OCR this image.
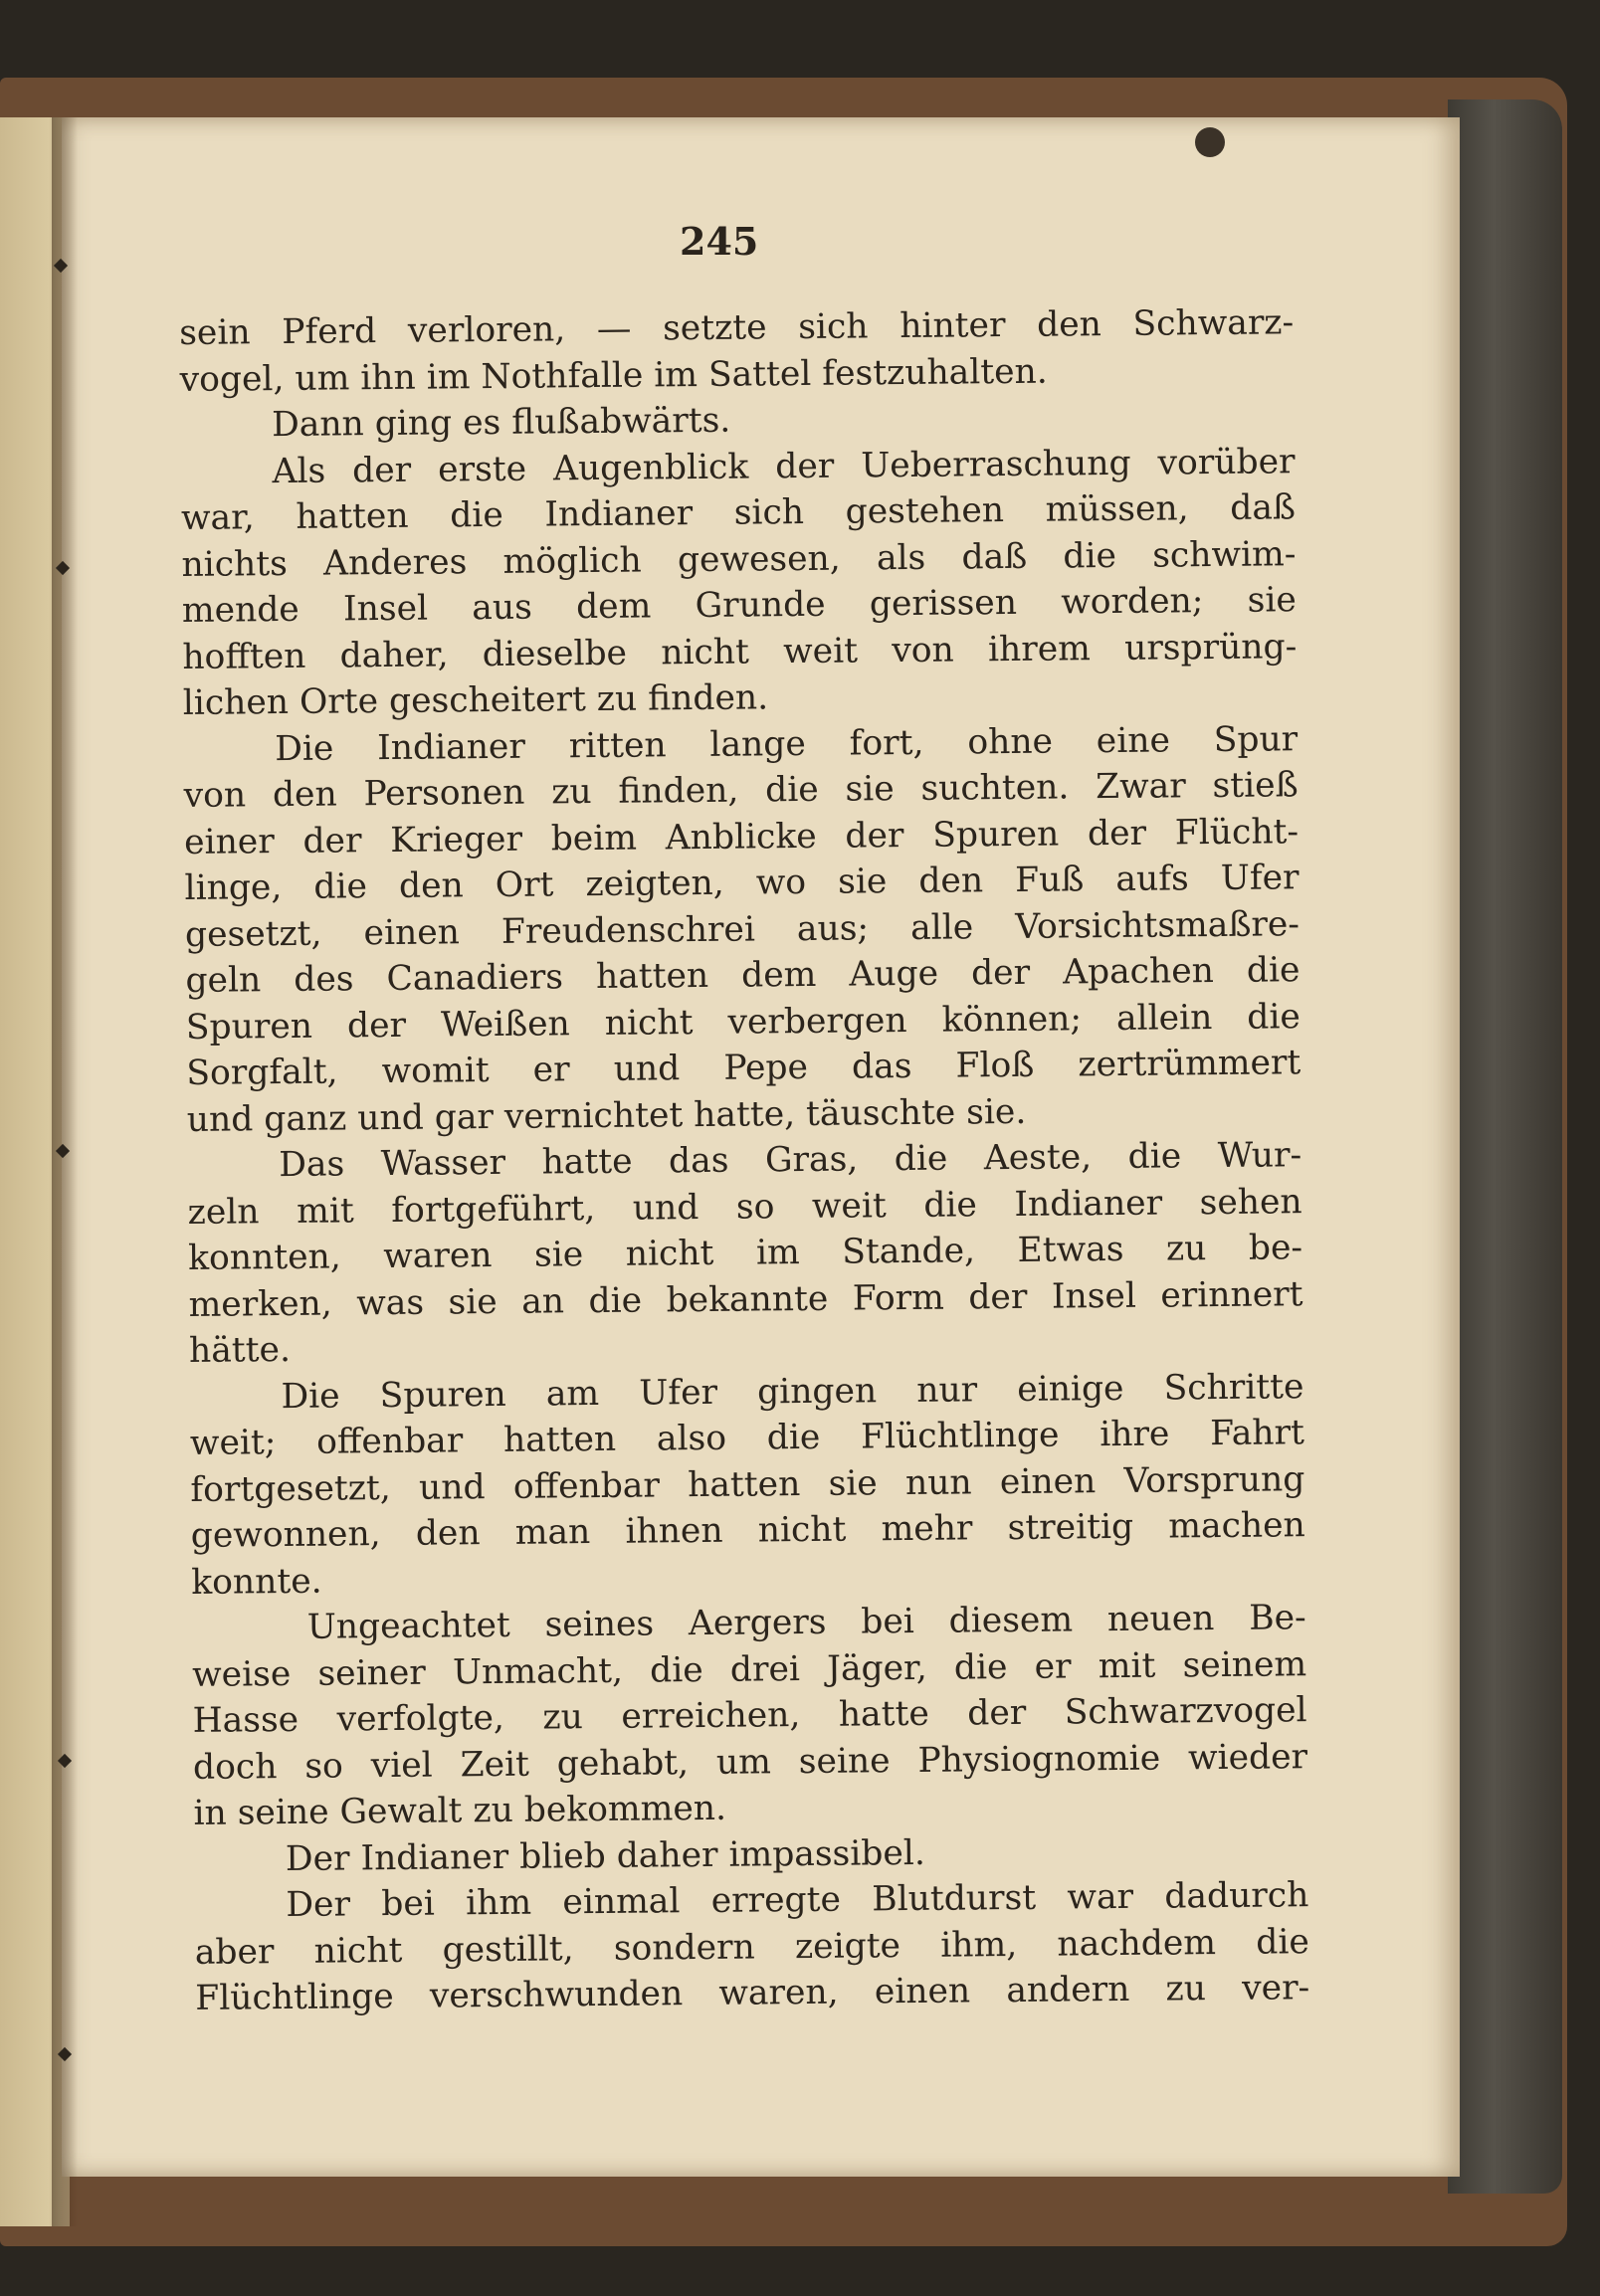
245
sein Pferd verloren, — setzte sich hinter den Schwarz-
vogel, um ihn im Nothfalle im Sattel festzuhalten.
Dann ging es flußabwärts.
Als der erste Augenblick der Ueberraschung vorüber
war, hatten die Indianer sich gestehen müssen, daß
nichts Anderes möglich gewesen, als daß die schwim-
mende Insel aus dem Grunde gerissen worden; sie
hofften daher, dieselbe nicht weit von ihrem ursprüng-
lichen Orte gescheitert zu finden.
Die Indianer ritten lange fort, ohne eine Spur
von den Personen zu finden, die sie suchten. Zwar stieß
einer der Krieger beim Anblicke der Spuren der Flücht-
linge, die den Ort zeigten, wo sie den Fuß aufs Ufer
gesetzt, einen Freudenschrei aus; alle Vorsichtsmaßre-
geln des Canadiers hatten dem Auge der Apachen die
Spuren der Weißen nicht verbergen können; allein die
Sorgfalt, womit er und Pepe das Floß zertrümmert
und ganz und gar vernichtet hatte, täuschte sie.
Das Wasser hatte das Gras, die Aeste, die Wur-
zeln mit fortgeführt, und so weit die Indianer sehen
konnten, waren sie nicht im Stande, Etwas zu be-
merken, was sie an die bekannte Form der Insel erinnert
hätte.
Die Spuren am Ufer gingen nur einige Schritte
weit; offenbar hatten also die Flüchtlinge ihre Fahrt
fortgesetzt, und offenbar hatten sie nun einen Vorsprung
gewonnen, den man ihnen nicht mehr streitig machen
konnte.
Ungeachtet seines Aergers bei diesem neuen Be-
weise seiner Unmacht, die drei Jäger, die er mit seinem
Hasse verfolgte, zu erreichen, hatte der Schwarzvogel
doch so viel Zeit gehabt, um seine Physiognomie wieder
in seine Gewalt zu bekommen.
Der Indianer blieb daher impassibel.
Der bei ihm einmal erregte Blutdurst war dadurch
aber nicht gestillt, sondern zeigte ihm, nachdem die
Flüchtlinge verschwunden waren, einen andern zu ver-
